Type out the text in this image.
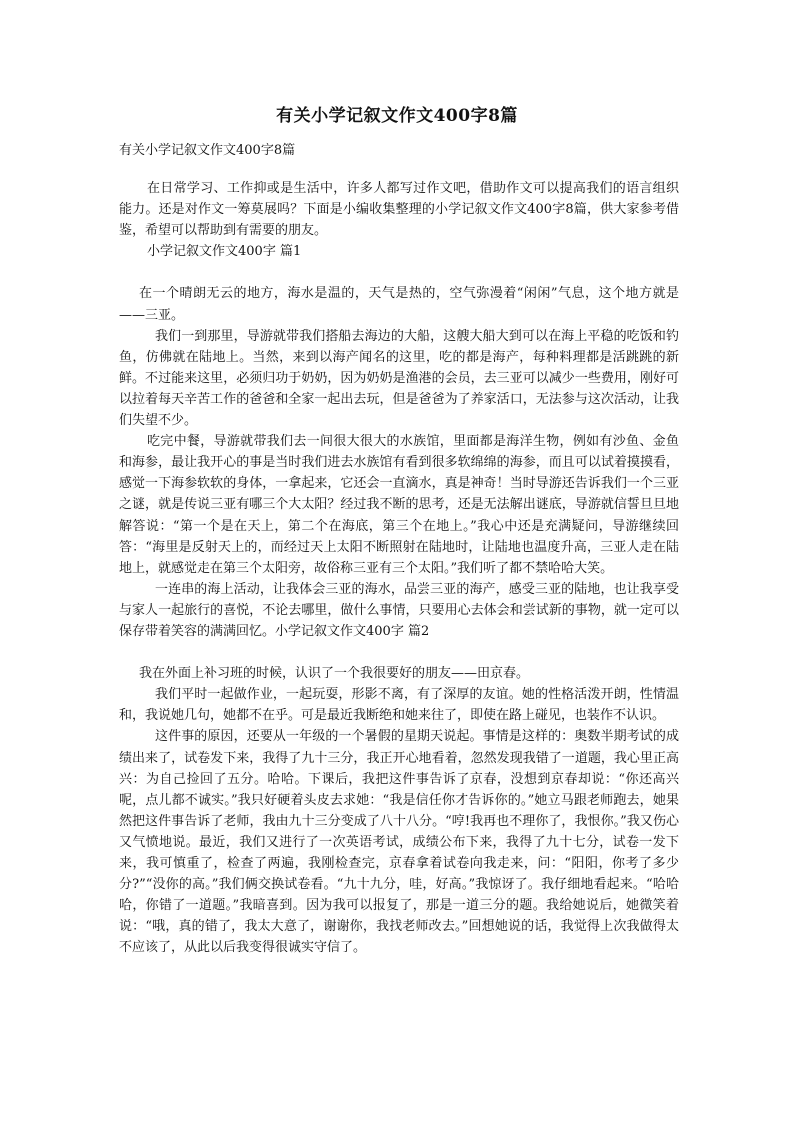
有关小学记叙文作文400字8篇
有关小学记叙文作文400字8篇

在日常学习、工作抑或是生活中，许多人都写过作文吧，借助作文可以提高我们的语言组织能力。还是对作文一筹莫展吗？下面是小编收集整理的小学记叙文作文400字8篇，供大家参考借鉴，希望可以帮助到有需要的朋友。

小学记叙文作文400字 篇1

在一个晴朗无云的地方，海水是温的，天气是热的，空气弥漫着“闲闲”气息，这个地方就是——三亚。

我们一到那里，导游就带我们搭船去海边的大船，这艘大船大到可以在海上平稳的吃饭和钓鱼，仿佛就在陆地上。当然，来到以海产闻名的这里，吃的都是海产，每种料理都是活跳跳的新鲜。不过能来这里，必须归功于奶奶，因为奶奶是渔港的会员，去三亚可以减少一些费用，刚好可以拉着每天辛苦工作的爸爸和全家一起出去玩，但是爸爸为了养家活口，无法参与这次活动，让我们失望不少。

吃完中餐，导游就带我们去一间很大很大的水族馆，里面都是海洋生物，例如有沙鱼、金鱼和海参，最让我开心的事是当时我们进去水族馆有看到很多软绵绵的海参，而且可以试着摸摸看，感觉一下海参软软的身体，一拿起来，它还会一直滴水，真是神奇！当时导游还告诉我们一个三亚之谜，就是传说三亚有哪三个大太阳？经过我不断的思考，还是无法解出谜底，导游就信誓旦旦地解答说：“第一个是在天上，第二个在海底，第三个在地上。”我心中还是充满疑问，导游继续回答：“海里是反射天上的，而经过天上太阳不断照射在陆地时，让陆地也温度升高，三亚人走在陆地上，就感觉走在第三个太阳旁，故俗称三亚有三个太阳。”我们听了都不禁哈哈大笑。

一连串的海上活动，让我体会三亚的海水，品尝三亚的海产，感受三亚的陆地，也让我享受与家人一起旅行的喜悦，不论去哪里，做什么事情，只要用心去体会和尝试新的事物，就一定可以保存带着笑容的满满回忆。小学记叙文作文400字 篇2

我在外面上补习班的时候，认识了一个我很要好的朋友——田京春。

我们平时一起做作业，一起玩耍，形影不离，有了深厚的友谊。她的性格活泼开朗，性情温和，我说她几句，她都不在乎。可是最近我断绝和她来往了，即使在路上碰见，也装作不认识。

这件事的原因，还要从一年级的一个暑假的星期天说起。事情是这样的：奥数半期考试的成绩出来了，试卷发下来，我得了九十三分，我正开心地看着，忽然发现我错了一道题，我心里正高兴：为自己捡回了五分。哈哈。下课后，我把这件事告诉了京春，没想到京春却说：“你还高兴呢，点儿都不诚实。”我只好硬着头皮去求她：“我是信任你才告诉你的。”她立马跟老师跑去，她果然把这件事告诉了老师，我由九十三分变成了八十八分。“哼!我再也不理你了，我恨你。”我又伤心又气愤地说。最近，我们又进行了一次英语考试，成绩公布下来，我得了九十七分，试卷一发下来，我可慎重了，检查了两遍，我刚检查完，京春拿着试卷向我走来，问：“阳阳，你考了多少分?”“没你的高。”我们俩交换试卷看。“九十九分，哇，好高。”我惊讶了。我仔细地看起来。“哈哈哈，你错了一道题。”我暗喜到。因为我可以报复了，那是一道三分的题。我给她说后，她微笑着说：“哦，真的错了，我太大意了，谢谢你，我找老师改去。”回想她说的话，我觉得上次我做得太不应该了，从此以后我变得很诚实守信了。
